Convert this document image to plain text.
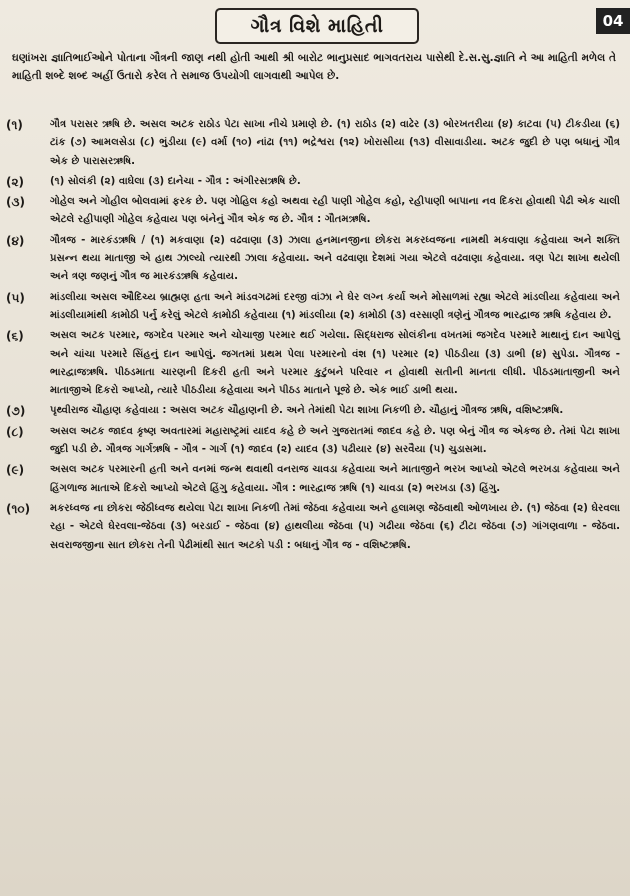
ગૌત્ર વિશે માહિતી	04
ઘણાંખરા જ્ઞાતિભાઈઓને પોતાના ગૌત્રની જાણ નથી હોતી આથી શ્રી બારોટ ભાનુપ્રસાદ ભાગવતરાય પાસેથી દે.સ.સુ.જ્ઞાતિ ને આ માહિતી મળેલ તે માહિતી શબ્દે શબ્દ અહીં ઉતારો કરેલ તે સમાજ ઉપયોગી લાગવાથી આપેલ છે.
(૧)	ગૌત્ર પરાસર ઋષિ છે. અસલ અટક રાઠોડ પેટા સાખા નીચે પ્રમાણે છે. (૧) રાઠોડ (૨) વાઢેર (૩) બોરખતરીયા (૪) કાટવા (૫) ટીકડીયા (૬) ટાંક (૭) આમલસેડા (૮) ભુંડીયા (૯) વર્મા (૧૦) નાંઢા (૧૧) ભદ્રેશ્વરા (૧૨) ખોરાસીયા (૧૩) વીસાવાડીયા. અટક જુદી છે પણ બધાનું ગૌત્ર એક છે પારાસરઋષિ.
(૨)	(૧) સોલંકી (૨) વાઘેલા (૩) દાનેચા - ગૌત્ર : અંગીરસઋષિ છે.
(૩)	ગોહેલ અને ગોહીલ બોલવામાં ફરક છે. પણ ગોહિલ કહો અથવા રહી પાણી ગોહેલ કહો, રહીપાણી બાપાના નવ દિકરા હોવાથી પેઢી એક ચાલી એટલે રહીપાણી ગોહેલ કહેવાય પણ બંનેનું ગૌત્ર એક જ છે. ગૌત્ર : ગૌતમઋષિ.
(૪)	ગૌત્રજ - મારકંડઋષિ / (૧) મકવાણા (૨) વઢવાણા (૩) ઝાલા હનમાનજીના છોકરા મકરધ્વજના નામથી મકવાણા કહેવાયા અને શક્તિ પ્રસન્ન થયા માતાજી એ હાથ ઝાલ્યો ત્યારથી ઝાલા કહેવાયા. અને વઢવાણા દેશમાં ગયા એટલે વઢવાણા કહેવાયા. ત્રણ પેટા શાખા થયેલી અને ત્રણ જણનું ગૌત્ર જ મારકંડઋષિ કહેવાય.
(૫)	માંડલીયા અસલ ઔદિચ્ય બ્રાહ્મણ હતા અને માંડવગઢમાં દરજી વાંઝા ને ઘેર લગ્ન કર્યા અને મોસાળમાં રહ્યા એટલે માંડલીયા કહેવાયા અને માંડલીયામાંથી કામોઠી પર્નુ કરેલું એટલે કામોઠી કહેવાયા (૧) માંડલીયા (૨) કામોઠી (૩) વરસાણી ત્રણેનું ગૌત્રજ ભારદ્વાજ ઋષિ કહેવાય છે.
(૬)	અસલ અટક પરમાર, જગદેવ પરમાર અને ચોચાજી પરમાર થઈ ગયેલા. સિદ્ધરાજ સોલંકીના વખતમાં જગદેવ પરમારે માથાનું દાન આપેલું અને ચાંચા પરમારે સિંહનું દાન આપેલું. જગતમાં પ્રથમ પેલા પરમારનો વંશ (૧) પરમાર (૨) પીઠડીયા (૩) ડાભી (૪) સુપેડા. ગૌત્રજ - ભારદ્વાજઋષિ. પીઠડમાતા ચારણની દિકરી હતી અને પરમાર કુટુંબને પરિવાર ન હોવાથી સતીની માનતા લીધી. પીઠડમાતાજીની અને માતાજીએ દિકરો આપ્યો, ત્યારે પીઠડીયા કહેવાયા અને પીઠડ માતાને પૂજે છે. એક ભાઈ ડાભી થયા.
(૭)	પૃથ્વીરાજ ચૌહાણ કહેવાયા : અસલ અટક ચૌહાણની છે. અને તેમાંથી પેટા શાખા નિકળી છે. ચૌહાનું ગૌત્રજ ઋષિ, વશિષ્ટઋષિ.
(૮)	અસલ અટક જાદવ કૃષ્ણ અવતારમાં મહારાષ્ટ્રમાં યાદવ કહે છે અને ગુજરાતમાં જાદવ કહે છે. પણ બેનું ગૌત્ર જ એકજ છે. તેમાં પેટા શાખા જુદી પડી છે. ગૌત્રજ ગાર્ગઋષિ - ગૌત્ર - ગાર્ગ (૧) જાદવ (૨) યાદવ (૩) પઢીયાર (૪) સરવૈયા (૫) ચુડાસમા.
(૯)	અસલ અટક પરમારની હતી અને વનમાં જન્મ થવાથી વનરાજ ચાવડા કહેવાયા અને માતાજીને ભરખ આપ્યો એટલે ભરખડા કહેવાયા અને હિંગળાજ માતાએ દિકરો આપ્યો એટલે હિંગુ કહેવાયા. ગૌત્ર : ભારદ્વાજ ઋષિ (૧) ચાવડા (૨) ભરખડા (૩) હિંગુ.
(૧૦)	મકરધ્વજ ના છોકરા જેઠીધ્વજ થયેલા પેટા શાખા નિકળી તેમાં જેઠવા કહેવાયા અને હલામણ જેઠવાથી ઓળખાય છે. (૧) જેઠવા (૨) ઘેરવલા રહા - એટલે ઘેરવલા-જેઠવા (૩) બરડાઈ - જેઠવા (૪) હાથલીયા જેઠવા (૫) ગઢીયા જેઠવા (૬) ટીટા જેઠવા (૭) ગાંગણવાળા - જેઠવા. સવરાજજીના સાત છોકરા તેની પેઢીમાંથી સાત અટકો પડી : બધાનું ગૌત્ર જ - વશિષ્ટઋષિ.
